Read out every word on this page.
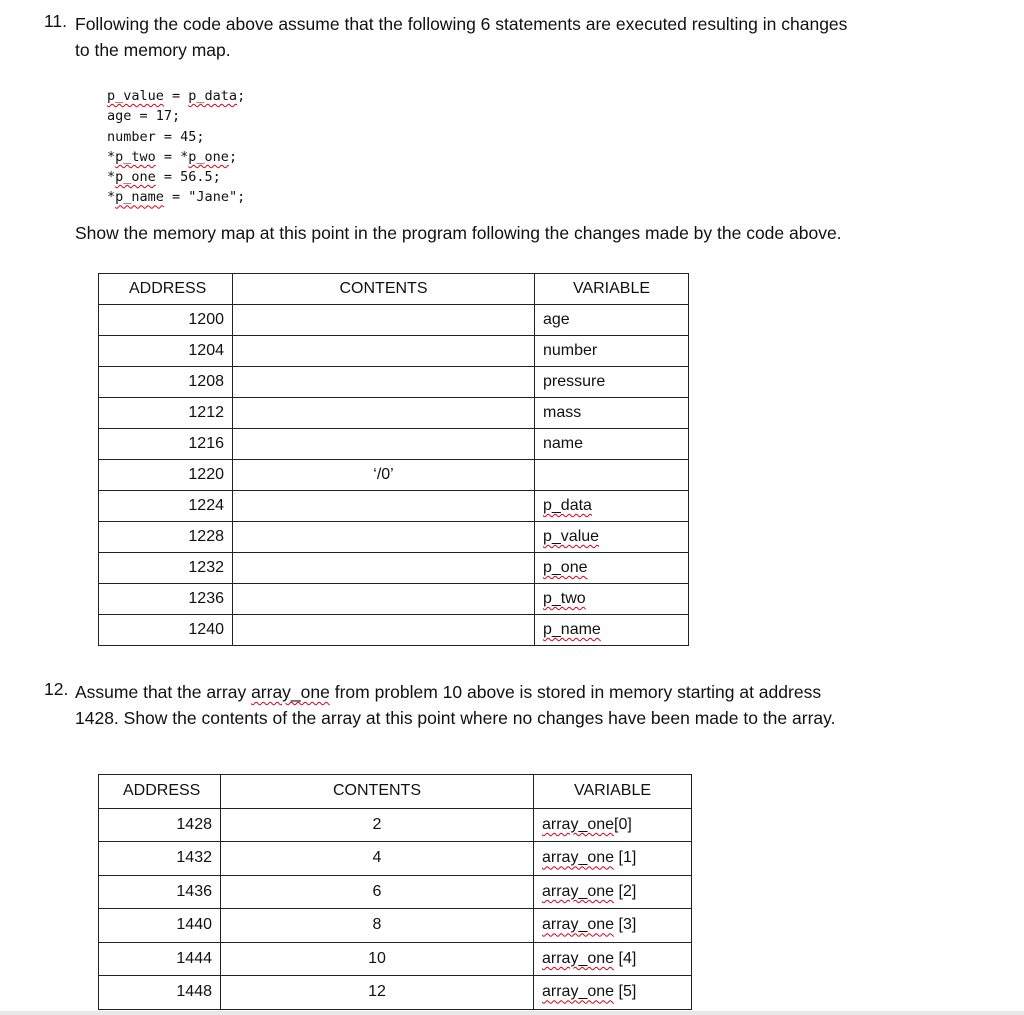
11. Following the code above assume that the following 6 statements are executed resulting in changes
to the memory map.
p_value = p_data;
age = 17;
number = 45;
*p_two = *p_one;
*p_one = 56.5;
*p_name = "Jane";
Show the memory map at this point in the program following the changes made by the code above.
ADDRESS	CONTENTS	VARIABLE
1200		age
1204		number
1208		pressure
1212		mass
1216		name
1220	‘/0’	
1224		p_data
1228		p_value
1232		p_one
1236		p_two
1240		p_name
12. Assume that the array array_one from problem 10 above is stored in memory starting at address 1428. Show the contents of the array at this point where no changes have been made to the array.
ADDRESS	CONTENTS	VARIABLE
1428	2	array_one[0]
1432	4	array_one [1]
1436	6	array_one [2]
1440	8	array_one [3]
1444	10	array_one [4]
1448	12	array_one [5]
